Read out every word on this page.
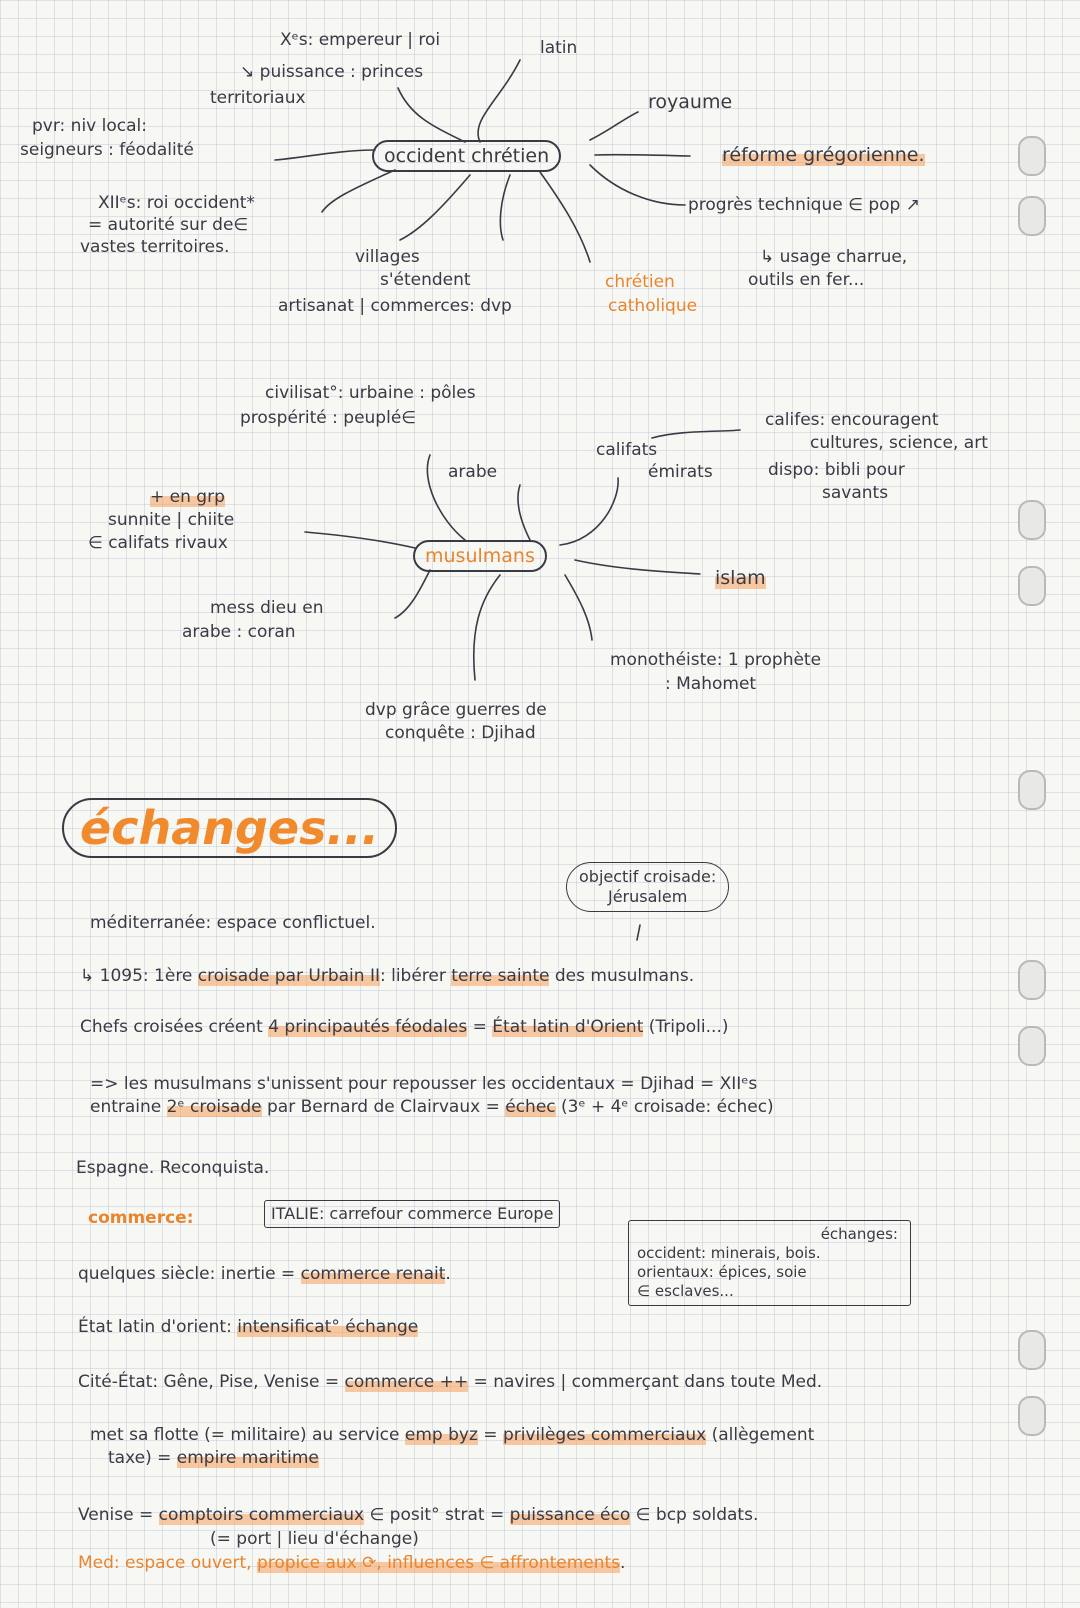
occident chrétien
Xᵉs: empereur | roi
↘ puissance : princes
territoriaux
latin
royaume
réforme grégorienne.
progrès technique ∈ pop ↗
↳ usage charrue,
outils en fer...
chrétien
catholique
villages
s'étendent
artisanat | commerces: dvp
XIIᵉs: roi occident*
= autorité sur de∈
vastes territoires.
pvr: niv local:
seigneurs : féodalité
musulmans
civilisat°: urbaine : pôles
prospérité : peuplé∈
arabe
califats
émirats
califes: encouragent
cultures, science, art
dispo: bibli pour
savants
+ en grp
sunnite | chiite
∈ califats rivaux
islam
mess dieu en
arabe : coran
monothéiste: 1 prophète
: Mahomet
dvp grâce guerres de
conquête : Djihad
échanges...
objectif croisade:
Jérusalem
méditerranée: espace conflictuel.
↳ 1095: 1ère croisade par Urbain II: libérer terre sainte des musulmans.
Chefs croisées créent 4 principautés féodales = État latin d'Orient (Tripoli...)
=> les musulmans s'unissent pour repousser les occidentaux = Djihad = XIIᵉs
entraine 2ᵉ croisade par Bernard de Clairvaux = échec (3ᵉ + 4ᵉ croisade: échec)
Espagne. Reconquista.
commerce:	ITALIE: carrefour commerce Europe
quelques siècle: inertie = commerce renait.
État latin d'orient: intensificat° échange
échanges:
occident: minerais, bois.
orientaux: épices, soie
∈ esclaves...
Cité-État: Gêne, Pise, Venise = commerce ++ = navires | commerçant dans toute Med.
met sa flotte (= militaire) au service emp byz = privilèges commerciaux (allègement
taxe) = empire maritime
Venise = comptoirs commerciaux ∈ posit° strat = puissance éco ∈ bcp soldats.
(= port | lieu d'échange)
Med: espace ouvert, propice aux ⟳, influences ∈ affrontements.
